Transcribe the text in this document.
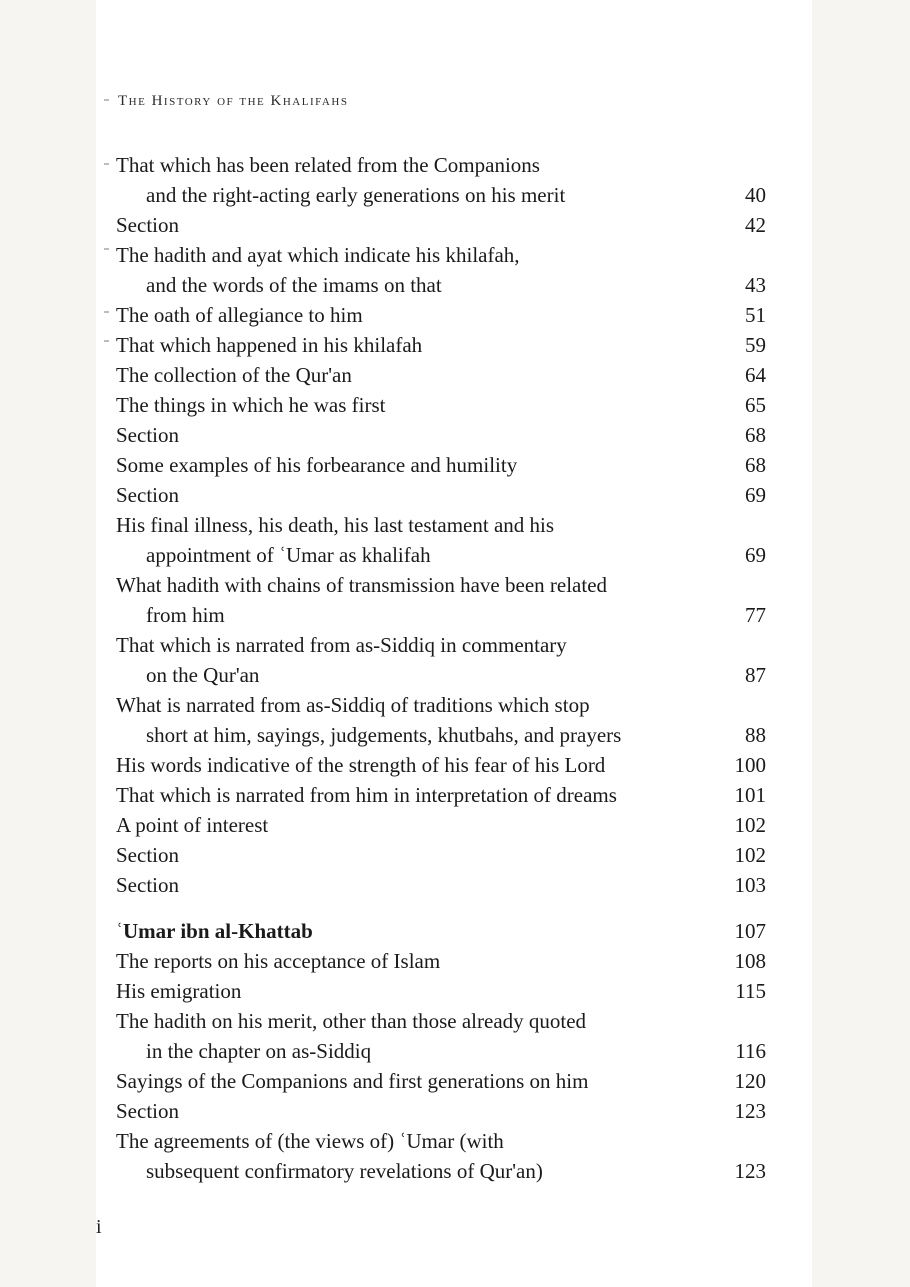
The History of the Khalifahs
That which has been related from the Companions
and the right-acting early generations on his merit	40
Section	42
The hadith and ayat which indicate his khilafah,
and the words of the imams on that	43
The oath of allegiance to him	51
That which happened in his khilafah	59
The collection of the Qur'an	64
The things in which he was first	65
Section	68
Some examples of his forbearance and humility	68
Section	69
His final illness, his death, his last testament and his
appointment of ʿUmar as khalifah	69
What hadith with chains of transmission have been related
from him	77
That which is narrated from as-Siddiq in commentary
on the Qur'an	87
What is narrated from as-Siddiq of traditions which stop
short at him, sayings, judgements, khutbahs, and prayers	88
His words indicative of the strength of his fear of his Lord	100
That which is narrated from him in interpretation of dreams	101
A point of interest	102
Section	102
Section	103
ʿUmar ibn al-Khattab	107
The reports on his acceptance of Islam	108
His emigration	115
The hadith on his merit, other than those already quoted
in the chapter on as-Siddiq	116
Sayings of the Companions and first generations on him	120
Section	123
The agreements of (the views of) ʿUmar (with
subsequent confirmatory revelations of Qur'an)	123
i
